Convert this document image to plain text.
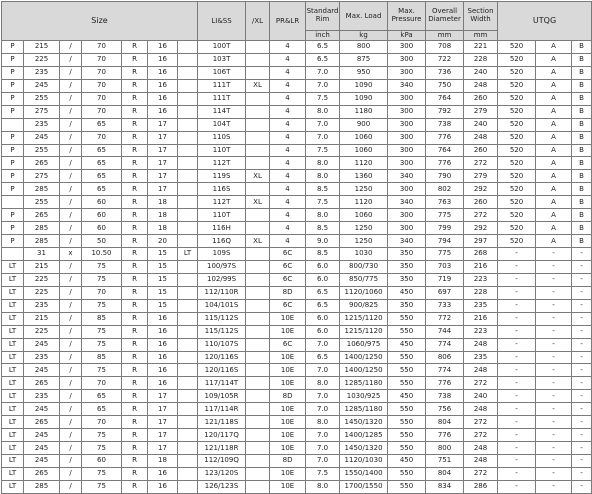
Size							LI&SS	/XL	PR&LR	Standard Rim	Max. Load	Max. Pressure	Overall Diameter	Section Width	UTQG		
										inch	kg	kPa	mm	mm			
P	215	/	70	R	16		100T		4	6.5	800	300	708	221	520	A	B
P	225	/	70	R	16		103T		4	6.5	875	300	722	228	520	A	B
P	235	/	70	R	16		106T		4	7.0	950	300	736	240	520	A	B
P	245	/	70	R	16		111T	XL	4	7.0	1090	340	750	248	520	A	B
P	255	/	70	R	16		111T		4	7.5	1090	300	764	260	520	A	B
P	275	/	70	R	16		114T		4	8.0	1180	300	792	279	520	A	B
	235	/	65	R	17		104T		4	7.0	900	300	738	240	520	A	B
P	245	/	70	R	17		110S		4	7.0	1060	300	776	248	520	A	B
P	255	/	65	R	17		110T		4	7.5	1060	300	764	260	520	A	B
P	265	/	65	R	17		112T		4	8.0	1120	300	776	272	520	A	B
P	275	/	65	R	17		119S	XL	4	8.0	1360	340	790	279	520	A	B
P	285	/	65	R	17		116S		4	8.5	1250	300	802	292	520	A	B
	255	/	60	R	18		112T	XL	4	7.5	1120	340	763	260	520	A	B
P	265	/	60	R	18		110T		4	8.0	1060	300	775	272	520	A	B
P	285	/	60	R	18		116H		4	8.5	1250	300	799	292	520	A	B
P	285	/	50	R	20		116Q	XL	4	9.0	1250	340	794	297	520	A	B
	31	x	10.50	R	15	LT	109S		6C	8.5	1030	350	775	268	-	-	-
LT	215	/	75	R	15		100/97S		6C	6.0	800/730	350	703	216	-	-	-
LT	225	/	75	R	15		102/99S		6C	6.0	850/775	350	719	223	-	-	-
LT	225	/	70	R	15		112/110R		8D	6.5	1120/1060	450	697	228	-	-	-
LT	235	/	75	R	15		104/101S		6C	6.5	900/825	350	733	235	-	-	-
LT	215	/	85	R	16		115/112S		10E	6.0	1215/1120	550	772	216	-	-	-
LT	225	/	75	R	16		115/112S		10E	6.0	1215/1120	550	744	223	-	-	-
LT	245	/	75	R	16		110/107S		6C	7.0	1060/975	450	774	248	-	-	-
LT	235	/	85	R	16		120/116S		10E	6.5	1400/1250	550	806	235	-	-	-
LT	245	/	75	R	16		120/116S		10E	7.0	1400/1250	550	774	248	-	-	-
LT	265	/	70	R	16		117/114T		10E	8.0	1285/1180	550	776	272	-	-	-
LT	235	/	65	R	17		109/105R		8D	7.0	1030/925	450	738	240	-	-	-
LT	245	/	65	R	17		117/114R		10E	7.0	1285/1180	550	756	248	-	-	-
LT	265	/	70	R	17		121/118S		10E	8.0	1450/1320	550	804	272	-	-	-
LT	245	/	75	R	17		120/117Q		10E	7.0	1400/1285	550	776	272	-	-	-
LT	245	/	75	R	17		121/118R		10E	7.0	1450/1320	550	800	248	-	-	-
LT	245	/	60	R	18		112/109Q		8D	7.0	1120/1030	450	751	248	-	-	-
LT	265	/	75	R	16		123/120S		10E	7.5	1550/1400	550	804	272	-	-	-
LT	285	/	75	R	16		126/123S		10E	8.0	1700/1550	550	834	286	-	-	-
